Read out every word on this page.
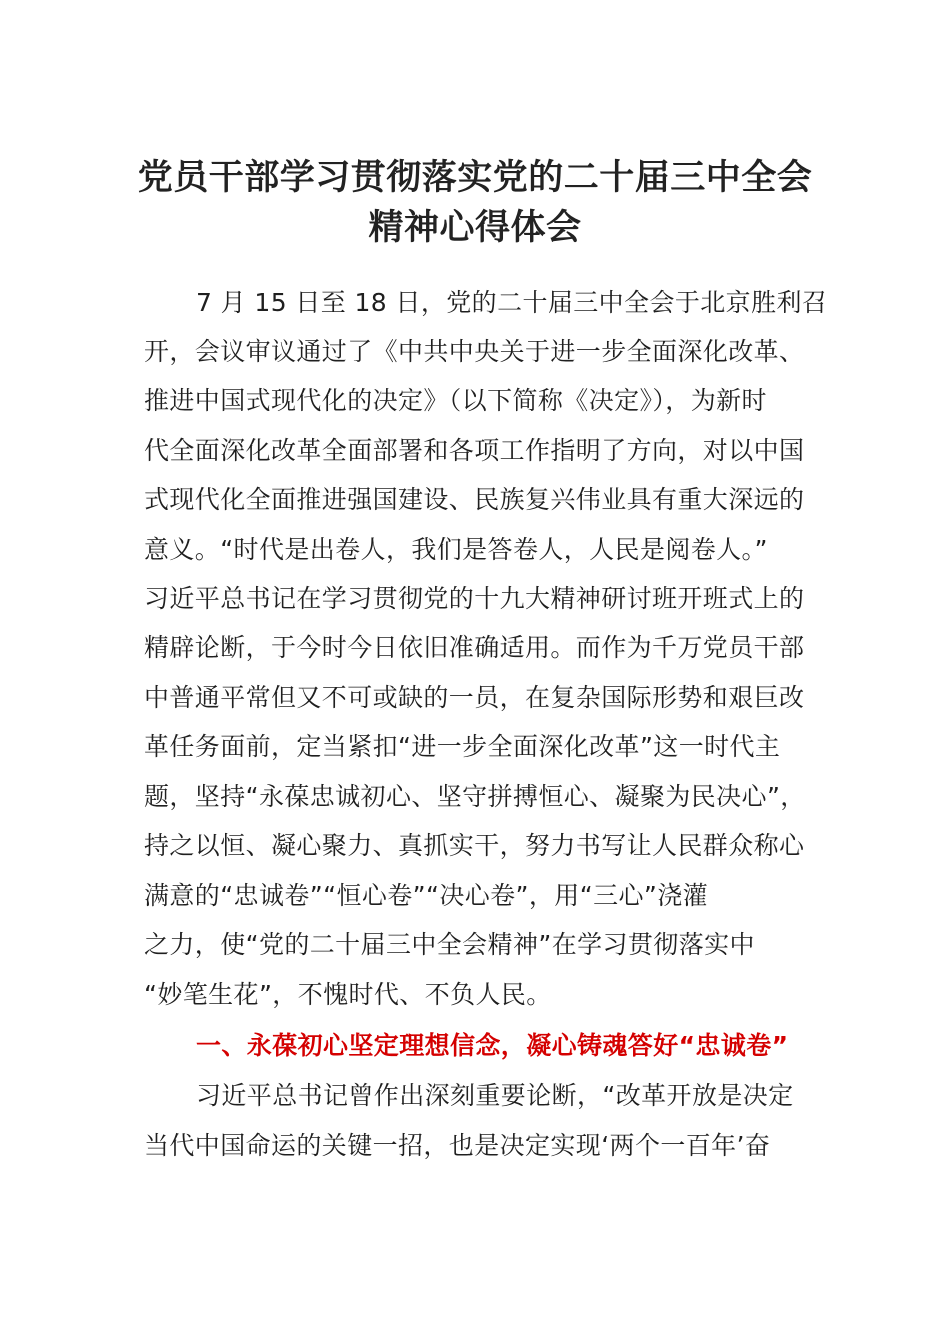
党员干部学习贯彻落实党的二十届三中全会
精神心得体会
7 月 15 日至 18 日，党的二十届三中全会于北京胜利召
开，会议审议通过了《中共中央关于进一步全面深化改革、
推进中国式现代化的决定》（以下简称《决定》），为新时
代全面深化改革全面部署和各项工作指明了方向，对以中国
式现代化全面推进强国建设、民族复兴伟业具有重大深远的
意义。“时代是出卷人，我们是答卷人，人民是阅卷人。”
习近平总书记在学习贯彻党的十九大精神研讨班开班式上的
精辟论断，于今时今日依旧准确适用。而作为千万党员干部
中普通平常但又不可或缺的一员，在复杂国际形势和艰巨改
革任务面前，定当紧扣“进一步全面深化改革”这一时代主
题，坚持“永葆忠诚初心、坚守拼搏恒心、凝聚为民决心”，
持之以恒、凝心聚力、真抓实干，努力书写让人民群众称心
满意的“忠诚卷”“恒心卷”“决心卷”，用“三心”浇灌
之力，使“党的二十届三中全会精神”在学习贯彻落实中
“妙笔生花”，不愧时代、不负人民。
一、永葆初心坚定理想信念，凝心铸魂答好“忠诚卷”
习近平总书记曾作出深刻重要论断，“改革开放是决定
当代中国命运的关键一招，也是决定实现‘两个一百年’奋
